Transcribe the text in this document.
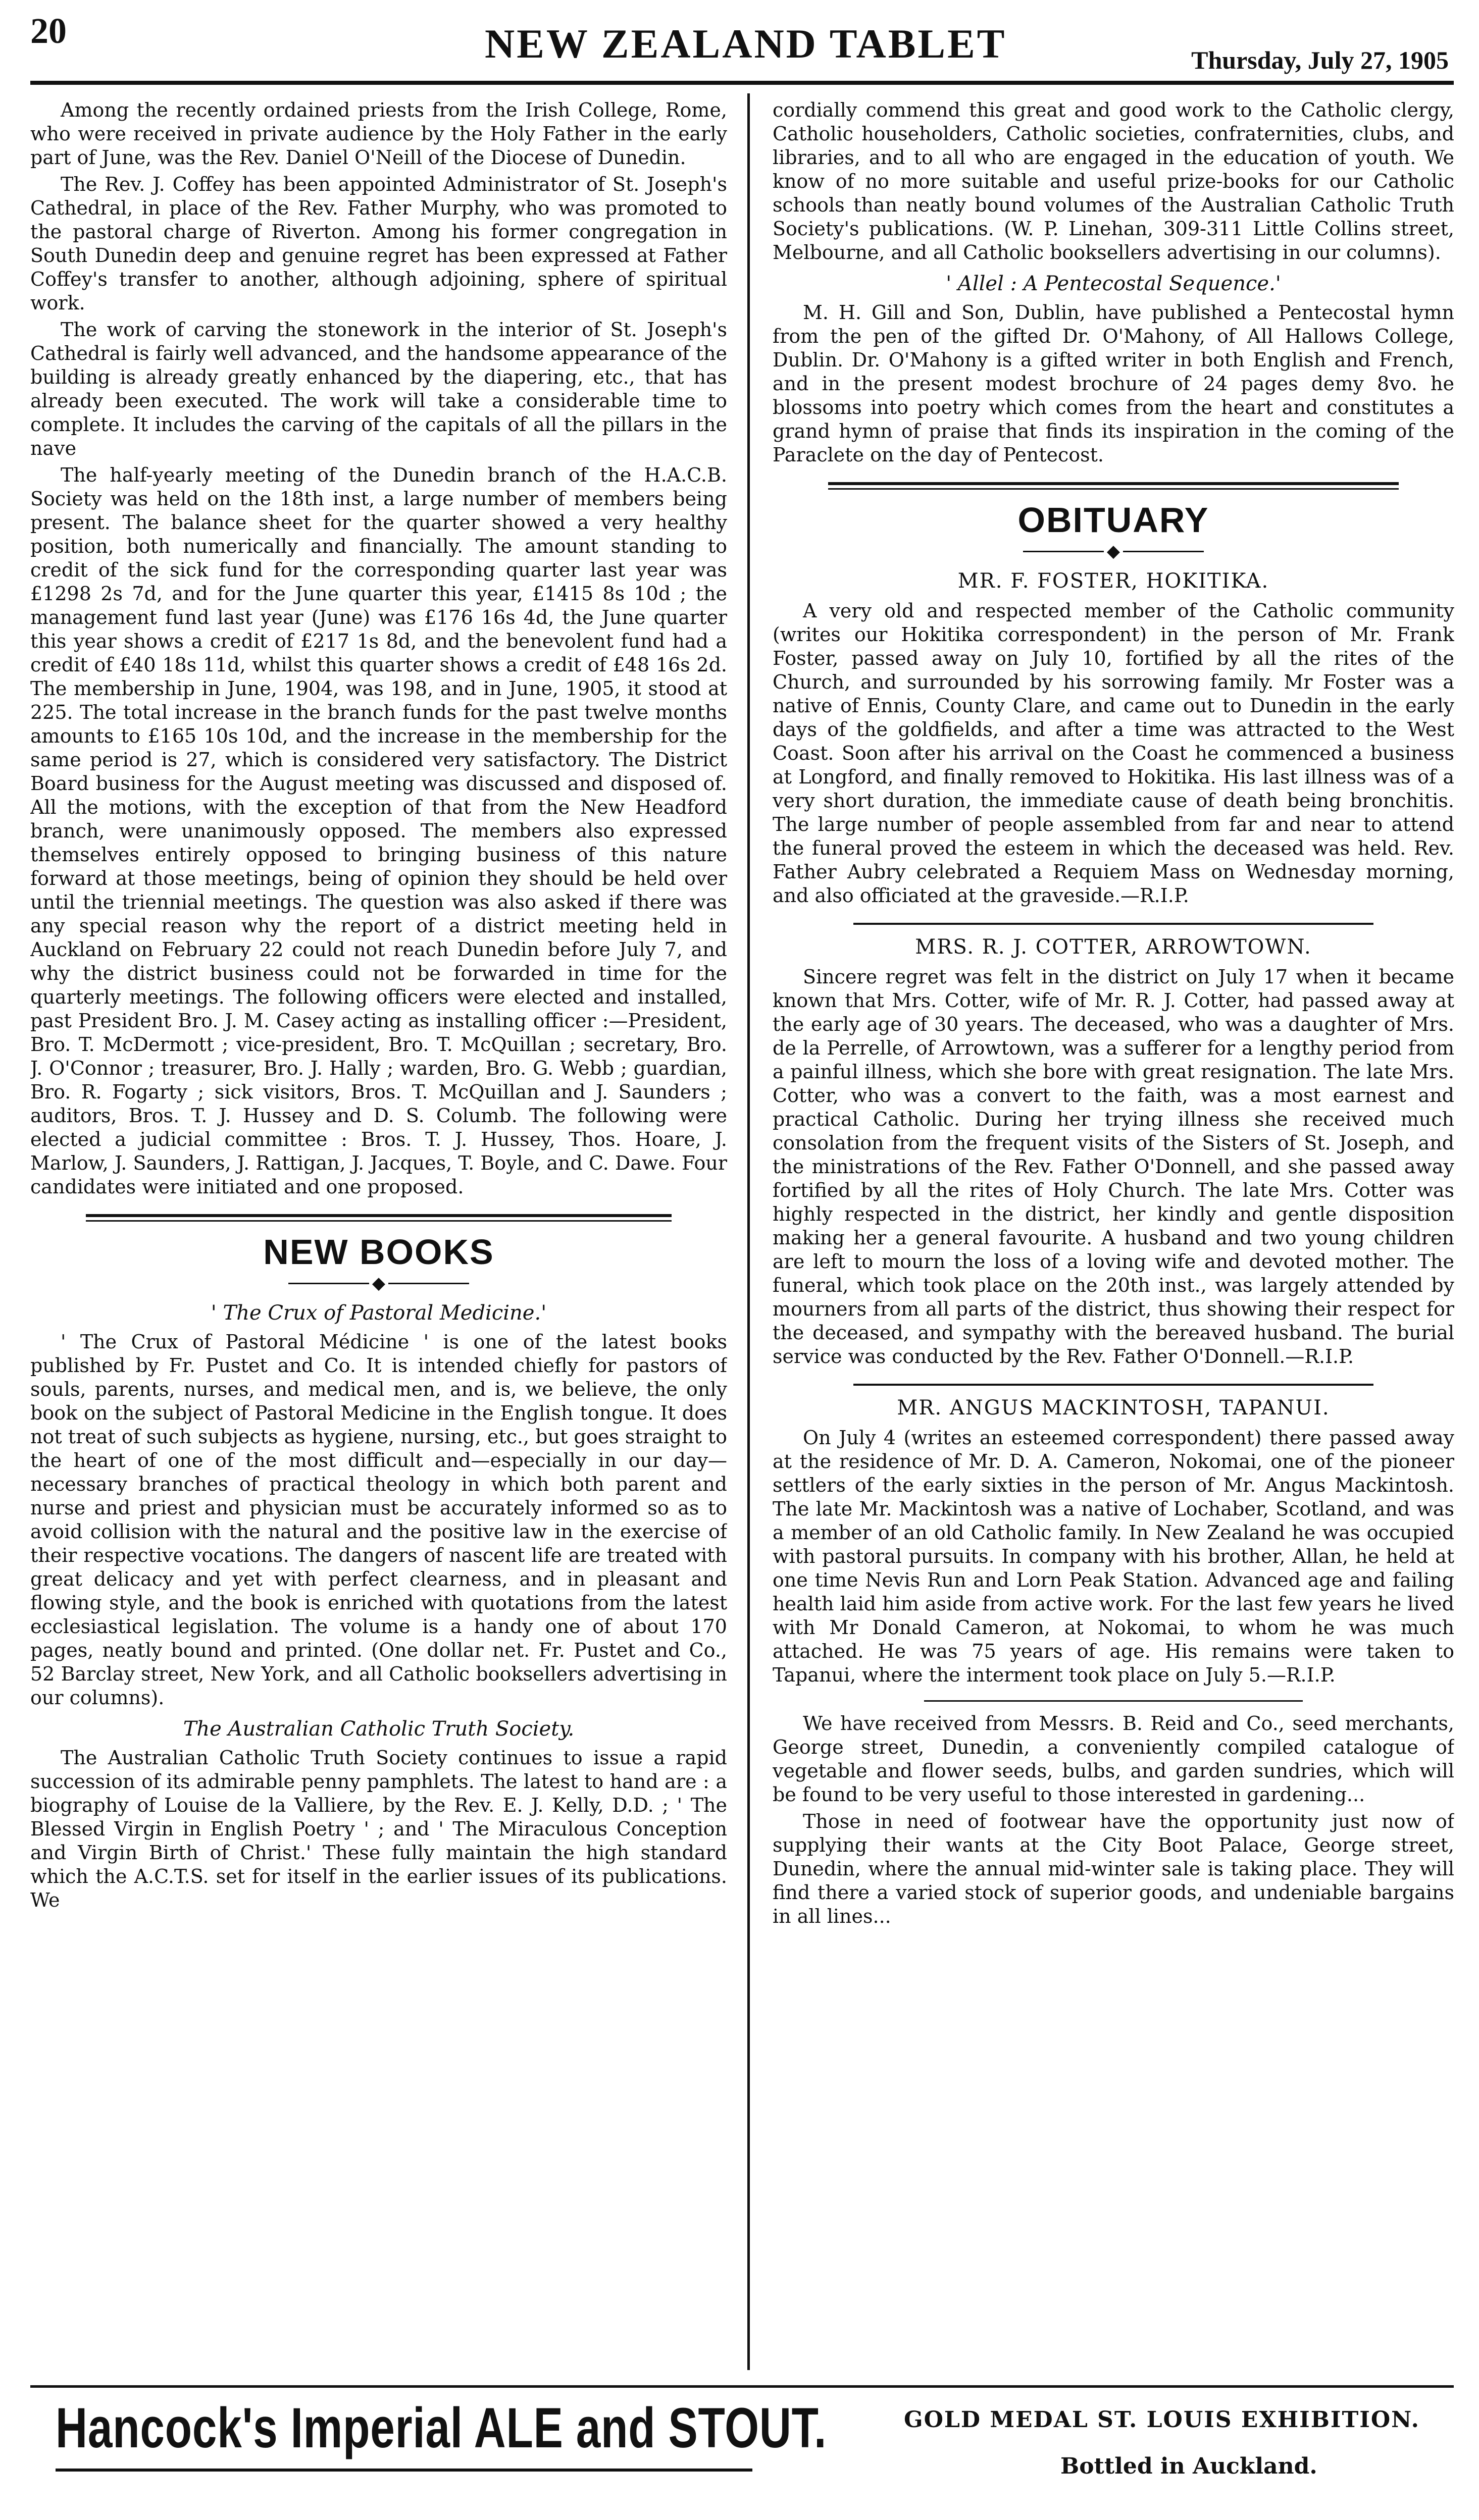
20	NEW ZEALAND TABLET	Thursday, July 27, 1905

Among the recently ordained priests from the Irish College, Rome, who were received in private audience by the Holy Father in the early part of June, was the Rev. Daniel O'Neill of the Diocese of Dunedin.

The Rev. J. Coffey has been appointed Administrator of St. Joseph's Cathedral, in place of the Rev. Father Murphy, who was promoted to the pastoral charge of Riverton. Among his former congregation in South Dunedin deep and genuine regret has been expressed at Father Coffey's transfer to another, although adjoining, sphere of spiritual work.

The work of carving the stonework in the interior of St. Joseph's Cathedral is fairly well advanced, and the handsome appearance of the building is already greatly enhanced by the diapering, etc., that has already been executed. The work will take a considerable time to complete. It includes the carving of the capitals of all the pillars in the nave

The half-yearly meeting of the Dunedin branch of the H.A.C.B. Society was held on the 18th inst, a large number of members being present. The balance sheet for the quarter showed a very healthy position, both numerically and financially. The amount standing to credit of the sick fund for the corresponding quarter last year was £1298 2s 7d, and for the June quarter this year, £1415 8s 10d ; the management fund last year (June) was £176 16s 4d, the June quarter this year shows a credit of £217 1s 8d, and the benevolent fund had a credit of £40 18s 11d, whilst this quarter shows a credit of £48 16s 2d. The membership in June, 1904, was 198, and in June, 1905, it stood at 225. The total increase in the branch funds for the past twelve months amounts to £165 10s 10d, and the increase in the membership for the same period is 27, which is considered very satisfactory. The District Board business for the August meeting was discussed and disposed of. All the motions, with the exception of that from the New Headford branch, were unanimously opposed. The members also expressed themselves entirely opposed to bringing business of this nature forward at those meetings, being of opinion they should be held over until the triennial meetings. The question was also asked if there was any special reason why the report of a district meeting held in Auckland on February 22 could not reach Dunedin before July 7, and why the district business could not be forwarded in time for the quarterly meetings. The following officers were elected and installed, past President Bro. J. M. Casey acting as installing officer :—President, Bro. T. McDermott ; vice-president, Bro. T. McQuillan ; secretary, Bro. J. O'Connor ; treasurer, Bro. J. Hally ; warden, Bro. G. Webb ; guardian, Bro. R. Fogarty ; sick visitors, Bros. T. McQuillan and J. Saunders ; auditors, Bros. T. J. Hussey and D. S. Columb. The following were elected a judicial committee : Bros. T. J. Hussey, Thos. Hoare, J. Marlow, J. Saunders, J. Rattigan, J. Jacques, T. Boyle, and C. Dawe. Four candidates were initiated and one proposed.

NEW BOOKS
◆
' The Crux of Pastoral Medicine.'

' The Crux of Pastoral Médicine ' is one of the latest books published by Fr. Pustet and Co. It is intended chiefly for pastors of souls, parents, nurses, and medical men, and is, we believe, the only book on the subject of Pastoral Medicine in the English tongue. It does not treat of such subjects as hygiene, nursing, etc., but goes straight to the heart of one of the most difficult and—especially in our day—necessary branches of practical theology in which both parent and nurse and priest and physician must be accurately informed so as to avoid collision with the natural and the positive law in the exercise of their respective vocations. The dangers of nascent life are treated with great delicacy and yet with perfect clearness, and in pleasant and flowing style, and the book is enriched with quotations from the latest ecclesiastical legislation. The volume is a handy one of about 170 pages, neatly bound and printed. (One dollar net. Fr. Pustet and Co., 52 Barclay street, New York, and all Catholic booksellers advertising in our columns).

The Australian Catholic Truth Society.

The Australian Catholic Truth Society continues to issue a rapid succession of its admirable penny pamphlets. The latest to hand are : a biography of Louise de la Valliere, by the Rev. E. J. Kelly, D.D. ; ' The Blessed Virgin in English Poetry ' ; and ' The Miraculous Conception and Virgin Birth of Christ.' These fully maintain the high standard which the A.C.T.S. set for itself in the earlier issues of its publications. We

cordially commend this great and good work to the Catholic clergy, Catholic householders, Catholic societies, confraternities, clubs, and libraries, and to all who are engaged in the education of youth. We know of no more suitable and useful prize-books for our Catholic schools than neatly bound volumes of the Australian Catholic Truth Society's publications. (W. P. Linehan, 309-311 Little Collins street, Melbourne, and all Catholic booksellers advertising in our columns).

' Allel : A Pentecostal Sequence.'

M. H. Gill and Son, Dublin, have published a Pentecostal hymn from the pen of the gifted Dr. O'Mahony, of All Hallows College, Dublin. Dr. O'Mahony is a gifted writer in both English and French, and in the present modest brochure of 24 pages demy 8vo. he blossoms into poetry which comes from the heart and constitutes a grand hymn of praise that finds its inspiration in the coming of the Paraclete on the day of Pentecost.

OBITUARY
◆
MR. F. FOSTER, HOKITIKA.

A very old and respected member of the Catholic community (writes our Hokitika correspondent) in the person of Mr. Frank Foster, passed away on July 10, fortified by all the rites of the Church, and surrounded by his sorrowing family. Mr Foster was a native of Ennis, County Clare, and came out to Dunedin in the early days of the goldfields, and after a time was attracted to the West Coast. Soon after his arrival on the Coast he commenced a business at Longford, and finally removed to Hokitika. His last illness was of a very short duration, the immediate cause of death being bronchitis. The large number of people assembled from far and near to attend the funeral proved the esteem in which the deceased was held. Rev. Father Aubry celebrated a Requiem Mass on Wednesday morning, and also officiated at the graveside.—R.I.P.

MRS. R. J. COTTER, ARROWTOWN.

Sincere regret was felt in the district on July 17 when it became known that Mrs. Cotter, wife of Mr. R. J. Cotter, had passed away at the early age of 30 years. The deceased, who was a daughter of Mrs. de la Perrelle, of Arrowtown, was a sufferer for a lengthy period from a painful illness, which she bore with great resignation. The late Mrs. Cotter, who was a convert to the faith, was a most earnest and practical Catholic. During her trying illness she received much consolation from the frequent visits of the Sisters of St. Joseph, and the ministrations of the Rev. Father O'Donnell, and she passed away fortified by all the rites of Holy Church. The late Mrs. Cotter was highly respected in the district, her kindly and gentle disposition making her a general favourite. A husband and two young children are left to mourn the loss of a loving wife and devoted mother. The funeral, which took place on the 20th inst., was largely attended by mourners from all parts of the district, thus showing their respect for the deceased, and sympathy with the bereaved husband. The burial service was conducted by the Rev. Father O'Donnell.—R.I.P.

MR. ANGUS MACKINTOSH, TAPANUI.

On July 4 (writes an esteemed correspondent) there passed away at the residence of Mr. D. A. Cameron, Nokomai, one of the pioneer settlers of the early sixties in the person of Mr. Angus Mackintosh. The late Mr. Mackintosh was a native of Lochaber, Scotland, and was a member of an old Catholic family. In New Zealand he was occupied with pastoral pursuits. In company with his brother, Allan, he held at one time Nevis Run and Lorn Peak Station. Advanced age and failing health laid him aside from active work. For the last few years he lived with Mr Donald Cameron, at Nokomai, to whom he was much attached. He was 75 years of age. His remains were taken to Tapanui, where the interment took place on July 5.—R.I.P.

We have received from Messrs. B. Reid and Co., seed merchants, George street, Dunedin, a conveniently compiled catalogue of vegetable and flower seeds, bulbs, and garden sundries, which will be found to be very useful to those interested in gardening...

Those in need of footwear have the opportunity just now of supplying their wants at the City Boot Palace, George street, Dunedin, where the annual mid-winter sale is taking place. They will find there a varied stock of superior goods, and undeniable bargains in all lines...

Hancock's Imperial ALE and STOUT.	GOLD MEDAL ST. LOUIS EXHIBITION.
Bottled in Auckland.
